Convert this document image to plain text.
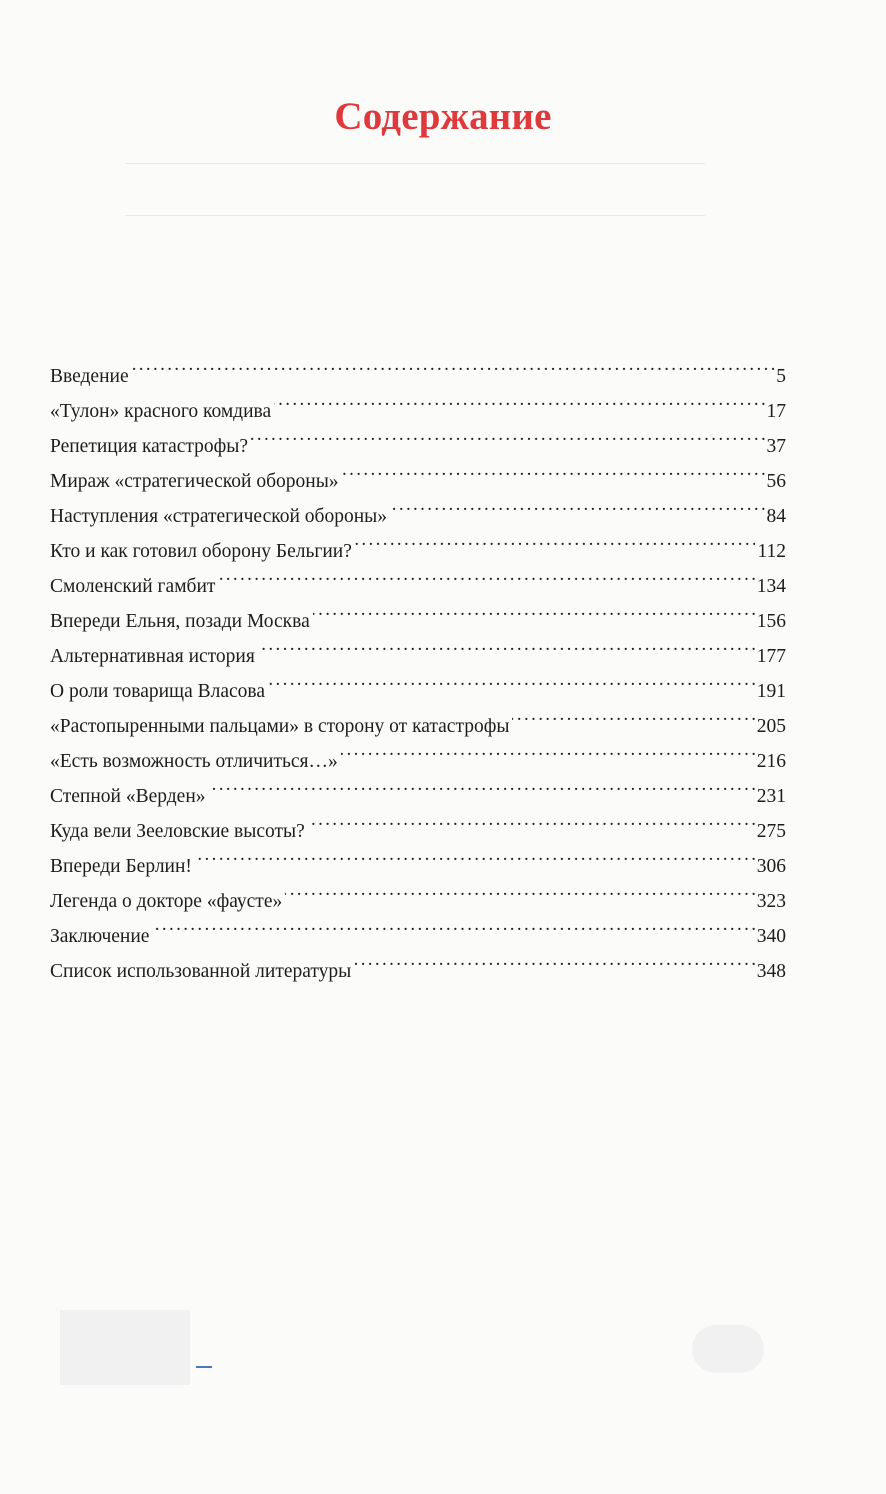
Содержание
Введение . . .	5
«Тулон» красного комдива . . .	17
Репетиция катастрофы? . . .	37
Мираж «стратегической обороны» . . .	56
Наступления «стратегической обороны» . . .	84
Кто и как готовил оборону Бельгии? . . .	112
Смоленский гамбит . . .	134
Впереди Ельня, позади Москва . . .	156
Альтернативная история . . .	177
О роли товарища Власова . . .	191
«Растопыренными пальцами» в сторону от катастрофы . . .	205
«Есть возможность отличиться…» . . .	216
Степной «Верден» . . .	231
Куда вели Зееловские высоты? . . .	275
Впереди Берлин! . . .	306
Легенда о докторе «фаусте» . . .	323
Заключение . . .	340
Список использованной литературы . . .	348
